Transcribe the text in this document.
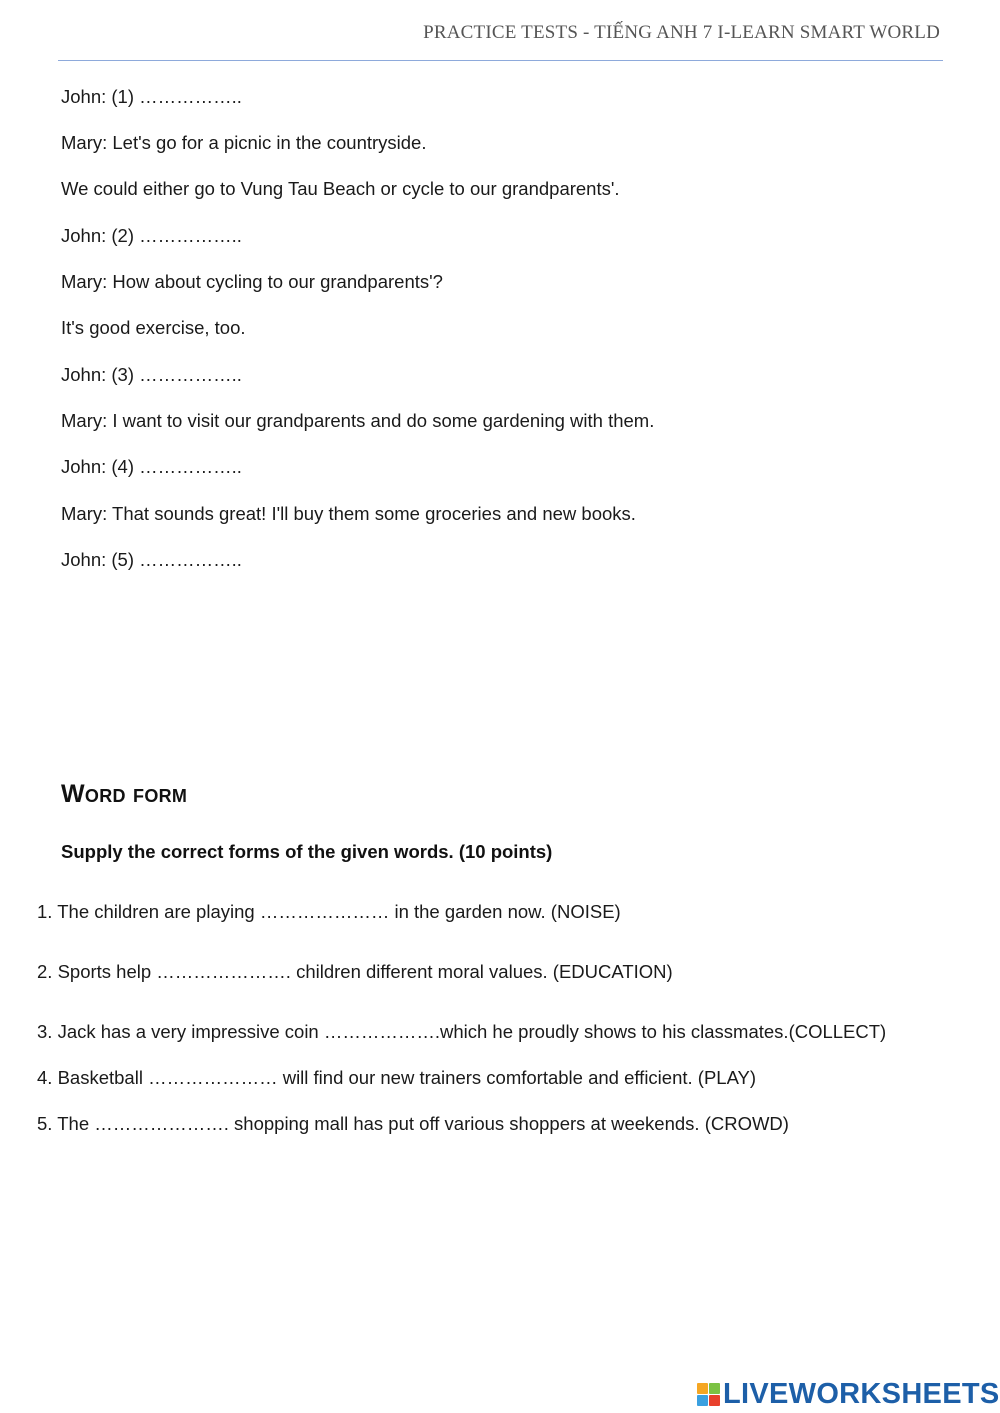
PRACTICE TESTS - TIẾNG ANH 7 I-LEARN SMART WORLD
John: (1) ……………..
Mary: Let's go for a picnic in the countryside.
We could either go to Vung Tau Beach or cycle to our grandparents'.
John: (2) ……………..
Mary: How about cycling to our grandparents'?
It's good exercise, too.
John: (3) ……………..
Mary: I want to visit our grandparents and do some gardening with them.
John: (4) ……………..
Mary: That sounds great! I'll buy them some groceries and new books.
John: (5) ……………..
Word form
Supply the correct forms of the given words. (10 points)
1. The children are playing ………………… in the garden now. (NOISE)
2. Sports help …………………. children different moral values. (EDUCATION)
3. Jack has a very impressive coin ……………….which he proudly shows to his classmates.(COLLECT)
4. Basketball ………………… will find our new trainers comfortable and efficient. (PLAY)
5. The …………………. shopping mall has put off various shoppers at weekends. (CROWD)
LIVEWORKSHEETS
